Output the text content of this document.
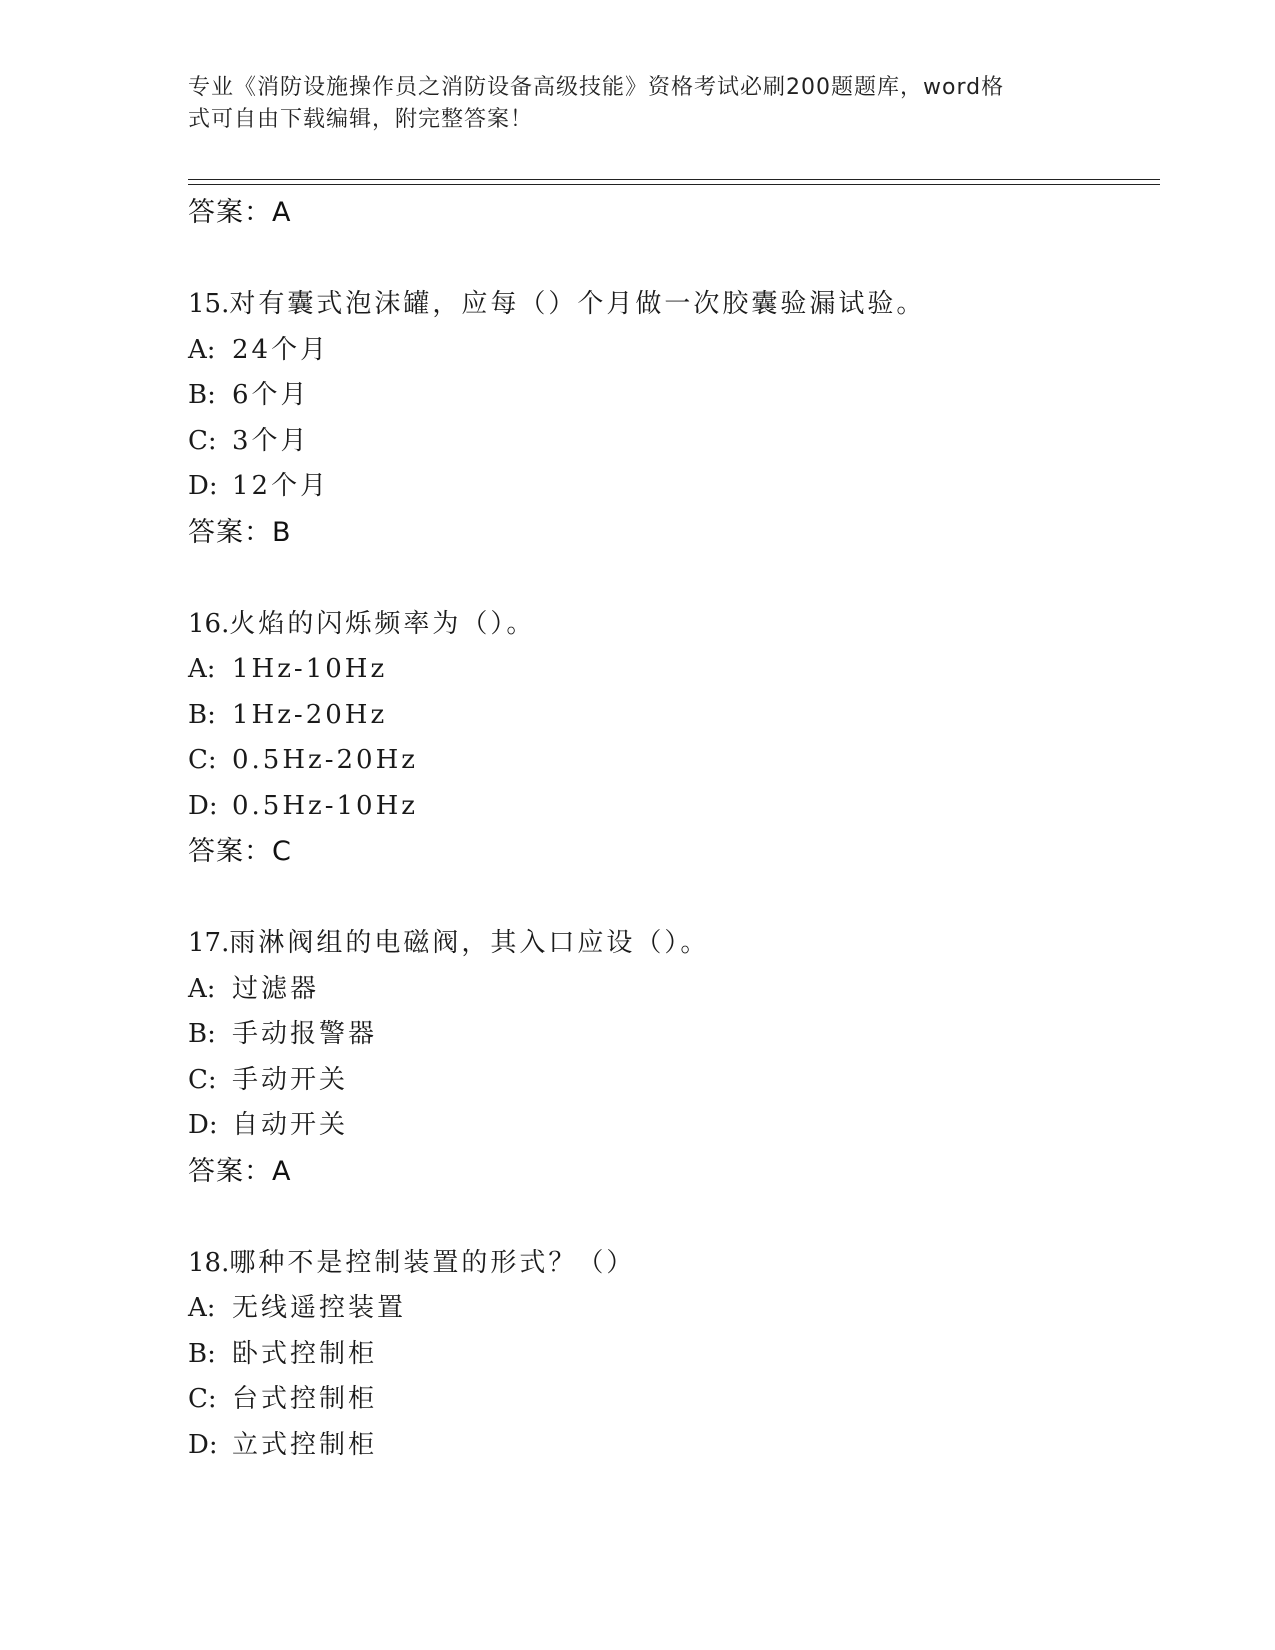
专业《消防设施操作员之消防设备高级技能》资格考试必刷200题题库，word格
式可自由下载编辑，附完整答案！
答案：A
15.对有囊式泡沫罐，应每（）个月做一次胶囊验漏试验。
A: 24个月
B: 6个月
C: 3个月
D: 12个月
答案：B
16.火焰的闪烁频率为（）。
A: 1Hz-10Hz
B: 1Hz-20Hz
C: 0.5Hz-20Hz
D: 0.5Hz-10Hz
答案：C
17.雨淋阀组的电磁阀，其入口应设（）。
A: 过滤器
B: 手动报警器
C: 手动开关
D: 自动开关
答案：A
18.哪种不是控制装置的形式？（）
A: 无线遥控装置
B: 卧式控制柜
C: 台式控制柜
D: 立式控制柜
